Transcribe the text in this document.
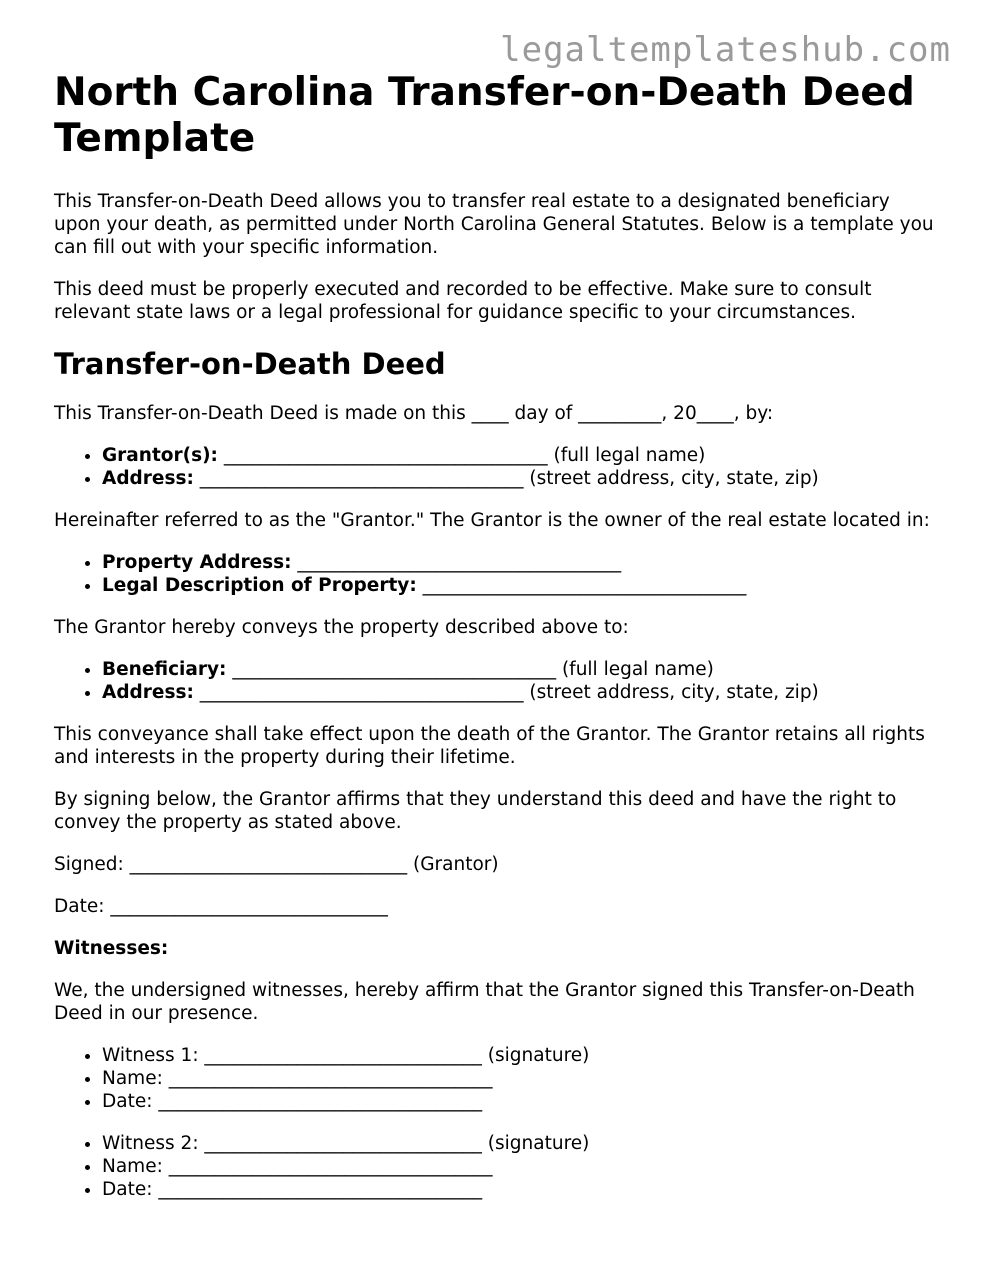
legaltemplateshub.com
North Carolina Transfer-on-Death Deed Template

This Transfer-on-Death Deed allows you to transfer real estate to a designated beneficiary upon your death, as permitted under North Carolina General Statutes. Below is a template you can fill out with your specific information.

This deed must be properly executed and recorded to be effective. Make sure to consult relevant state laws or a legal professional for guidance specific to your circumstances.

Transfer-on-Death Deed

This Transfer-on-Death Deed is made on this ____ day of _________, 20____, by:

• Grantor(s): ___________________________________ (full legal name)
• Address: ___________________________________ (street address, city, state, zip)

Hereinafter referred to as the "Grantor." The Grantor is the owner of the real estate located in:

• Property Address: ___________________________________
• Legal Description of Property: ___________________________________

The Grantor hereby conveys the property described above to:

• Beneficiary: ___________________________________ (full legal name)
• Address: ___________________________________ (street address, city, state, zip)

This conveyance shall take effect upon the death of the Grantor. The Grantor retains all rights and interests in the property during their lifetime.

By signing below, the Grantor affirms that they understand this deed and have the right to convey the property as stated above.

Signed: ______________________________ (Grantor)

Date: ______________________________

Witnesses:

We, the undersigned witnesses, hereby affirm that the Grantor signed this Transfer-on-Death Deed in our presence.

• Witness 1: ______________________________ (signature)
• Name: ___________________________________
• Date: ___________________________________
• Witness 2: ______________________________ (signature)
• Name: ___________________________________
• Date: ___________________________________
